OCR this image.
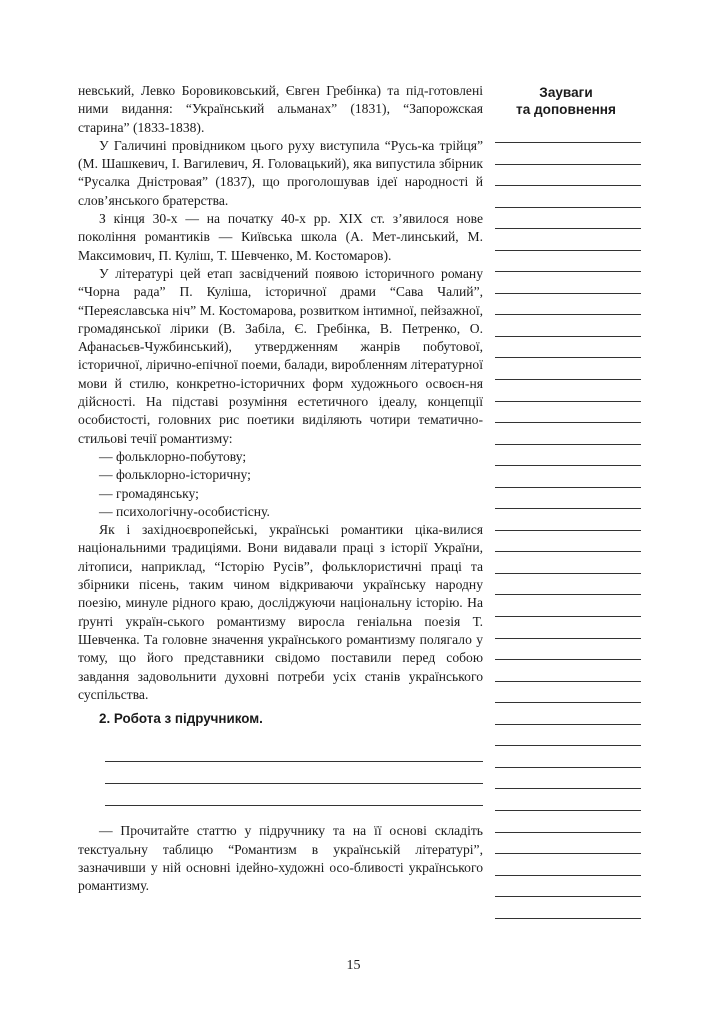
невський, Левко Боровиковський, Євген Гребінка) та під-готовлені ними видання: “Український альманах” (1831), “Запорожская старина” (1833-1838).

У Галичині провідником цього руху виступила “Русь-ка трійця” (М. Шашкевич, І. Вагилевич, Я. Головацький), яка випустила збірник “Русалка Дністровая” (1837), що проголошував ідеї народності й слов’янського братерства.

З кінця 30-х — на початку 40-х рр. XIX ст. з’явилося нове покоління романтиків — Київська школа (А. Мет-линський, М. Максимович, П. Куліш, Т. Шевченко, М. Костомаров).

У літературі цей етап засвідчений появою історичного роману “Чорна рада” П. Куліша, історичної драми “Сава Чалий”, “Переяславська ніч” М. Костомарова, розвитком інтимної, пейзажної, громадянської лірики (В. Забіла, Є. Гребінка, В. Петренко, О. Афанасьєв-Чужбинський), утвердженням жанрів побутової, історичної, лірично-епічної поеми, балади, виробленням літературної мови й стилю, конкретно-історичних форм художнього освоєн-ня дійсності. На підставі розуміння естетичного ідеалу, концепції особистості, головних рис поетики виділяють чотири тематично-стильові течії романтизму:

— фольклорно-побутову;
— фольклорно-історичну;
— громадянську;
— психологічну-особистісну.

Як і західноєвропейські, українські романтики ціка-вилися національними традиціями. Вони видавали праці з історії України, літописи, наприклад, “Історію Русів”, фольклористичні праці та збірники пісень, таким чином відкриваючи українську народну поезію, минуле рідного краю, досліджуючи національну історію. На ґрунті україн-ського романтизму виросла геніальна поезія Т. Шевченка. Та головне значення українського романтизму полягало у тому, що його представники свідомо поставили перед собою завдання задовольнити духовні потреби усіх станів українського суспільства.

2. Робота з підручником.

— Прочитайте статтю у підручнику та на її основі складіть текстуальну таблицю “Романтизм в українській літературі”, зазначивши у ній основні ідейно-художні осо-бливості українського романтизму.

Зауваги
та доповнення
15
